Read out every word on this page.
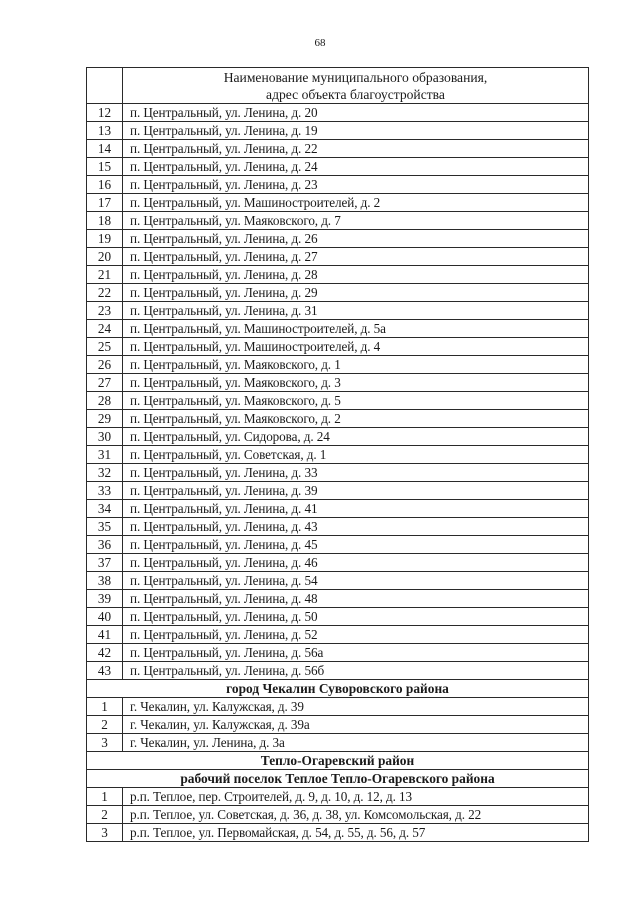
68

	Наименование муниципального образования,
адрес объекта благоустройства

12	п. Центральный, ул. Ленина, д. 20
13	п. Центральный, ул. Ленина, д. 19
14	п. Центральный, ул. Ленина, д. 22
15	п. Центральный, ул. Ленина, д. 24
16	п. Центральный, ул. Ленина, д. 23
17	п. Центральный, ул. Машиностроителей, д. 2
18	п. Центральный, ул. Маяковского, д. 7
19	п. Центральный, ул. Ленина, д. 26
20	п. Центральный, ул. Ленина, д. 27
21	п. Центральный, ул. Ленина, д. 28
22	п. Центральный, ул. Ленина, д. 29
23	п. Центральный, ул. Ленина, д. 31
24	п. Центральный, ул. Машиностроителей, д. 5а
25	п. Центральный, ул. Машиностроителей, д. 4
26	п. Центральный, ул. Маяковского, д. 1
27	п. Центральный, ул. Маяковского, д. 3
28	п. Центральный, ул. Маяковского, д. 5
29	п. Центральный, ул. Маяковского, д. 2
30	п. Центральный, ул. Сидорова, д. 24
31	п. Центральный, ул. Советская, д. 1
32	п. Центральный, ул. Ленина, д. 33
33	п. Центральный, ул. Ленина, д. 39
34	п. Центральный, ул. Ленина, д. 41
35	п. Центральный, ул. Ленина, д. 43
36	п. Центральный, ул. Ленина, д. 45
37	п. Центральный, ул. Ленина, д. 46
38	п. Центральный, ул. Ленина, д. 54
39	п. Центральный, ул. Ленина, д. 48
40	п. Центральный, ул. Ленина, д. 50
41	п. Центральный, ул. Ленина, д. 52
42	п. Центральный, ул. Ленина, д. 56а
43	п. Центральный, ул. Ленина, д. 56б
город Чекалин Суворовского района	
1	г. Чекалин, ул. Калужская, д. 39
2	г. Чекалин, ул. Калужская, д. 39а
3	г. Чекалин, ул. Ленина, д. 3а
Тепло-Огаревский район	
рабочий поселок Теплое Тепло-Огаревского района	
1	р.п. Теплое, пер. Строителей, д. 9, д. 10, д. 12, д. 13
2	р.п. Теплое, ул. Советская, д. 36, д. 38, ул. Комсомольская, д. 22
3	р.п. Теплое, ул. Первомайская, д. 54, д. 55, д. 56, д. 57
